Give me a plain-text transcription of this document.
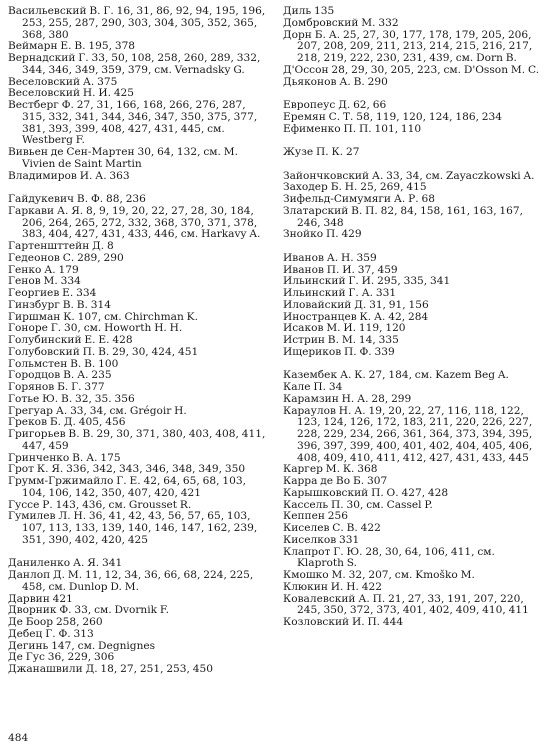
Васильевский В. Г. 16, 31, 86, 92, 94, 195, 196, 253, 255, 287, 290, 303, 304, 305, 352, 365, 368, 380

Веймарн Е. В. 195, 378

Вернадский Г. 33, 50, 108, 258, 260, 289, 332, 344, 346, 349, 359, 379, см. Vernadsky G.

Веселовский А. 375

Веселовский Н. И. 425

Вестберг Ф. 27, 31, 166, 168, 266, 276, 287, 315, 332, 341, 344, 346, 347, 350, 375, 377, 381, 393, 399, 408, 427, 431, 445, см. Westberg F.

Вивьен де Сен-Мартен 30, 64, 132, см. M. Vivien de Saint Martin

Владимиров И. А. 363

Гайдукевич В. Ф. 88, 236

Гаркави А. Я. 8, 9, 19, 20, 22, 27, 28, 30, 184, 206, 264, 265, 272, 332, 368, 370, 371, 378, 383, 404, 427, 431, 433, 446, см. Harkavy A.

Гартеншттейн Д. 8

Гедеонов С. 289, 290

Генко А. 179

Генов М. 334

Георгиев Е. 334

Гинзбург В. В. 314

Гиршман К. 107, см. Chirchman K.

Гоноре Г. 30, см. Howorth H. H.

Голубинский Е. Е. 428

Голубовский П. В. 29, 30, 424, 451

Гольмстен В. В. 100

Городцов В. А. 235

Горянов Б. Г. 377

Готье Ю. В. 32, 35. 356

Грегуар А. 33, 34, см. Grégoir H.

Греков Б. Д. 405, 456

Григорьев В. В. 29, 30, 371, 380, 403, 408, 411, 447, 459

Гринченко В. А. 175

Грот К. Я. 336, 342, 343, 346, 348, 349, 350

Грумм-Гржимайло Г. Е. 42, 64, 65, 68, 103, 104, 106, 142, 350, 407, 420, 421

Гуссе Р. 143, 436, см. Grousset R.

Гумилев Л. Н. 36, 41, 42, 43, 56, 57, 65, 103, 107, 113, 133, 139, 140, 146, 147, 162, 239, 351, 390, 402, 420, 425

Даниленко А. Я. 341

Данлоп Д. М. 11, 12, 34, 36, 66, 68, 224, 225, 458, см. Dunlop D. M.

Дарвин 421

Дворник Ф. 33, см. Dvornik F.

Де Боор 258, 260

Дебец Г. Ф. 313

Дегинь 147, см. Degnignes

Де Гус 36, 229, 306

Джанашвили Д. 18, 27, 251, 253, 450

Диль 135

Домбровский М. 332

Дорн Б. А. 25, 27, 30, 177, 178, 179, 205, 206, 207, 208, 209, 211, 213, 214, 215, 216, 217, 218, 219, 222, 230, 231, 439, см. Dorn B.

Д'Оссон 28, 29, 30, 205, 223, см. D'Osson M. C.

Дьяконов А. В. 290

Европеус Д. 62, 66

Еремян С. Т. 58, 119, 120, 124, 186, 234

Ефименко П. П. 101, 110

Жузе П. К. 27

Зайончковский А. 33, 34, см. Zayaczkowski A.

Заходер Б. Н. 25, 269, 415

Зифельд-Симумяги А. Р. 68

Златарский В. П. 82, 84, 158, 161, 163, 167, 246, 348

Знойко П. 429

Иванов А. Н. 359

Иванов П. И. 37, 459

Ильинский Г. И. 295, 335, 341

Ильинский Г. А. 331

Иловайский Д. 31, 91, 156

Иностранцев К. А. 42, 284

Исаков М. И. 119, 120

Истрин В. М. 14, 335

Ищериков П. Ф. 339

Казембек А. К. 27, 184, см. Kazem Beg A.

Кале П. 34

Карамзин Н. А. 28, 299

Караулов Н. А. 19, 20, 22, 27, 116, 118, 122, 123, 124, 126, 172, 183, 211, 220, 226, 227, 228, 229, 234, 266, 361, 364, 373, 394, 395, 396, 397, 399, 400, 401, 402, 404, 405, 406, 408, 409, 410, 411, 412, 427, 431, 433, 445

Каргер М. К. 368

Карра де Во Б. 307

Карышковский П. О. 427, 428

Кассель П. 30, см. Cassel P.

Кеппен 256

Киселев С. В. 422

Киселков 331

Клапрот Г. Ю. 28, 30, 64, 106, 411, см. Klaproth S.

Кмошко М. 32, 207, см. Kmoško M.

Клюкин И. Н. 422

Ковалевский А. П. 21, 27, 33, 191, 207, 220, 245, 350, 372, 373, 401, 402, 409, 410, 411

Козловский И. П. 444

484
